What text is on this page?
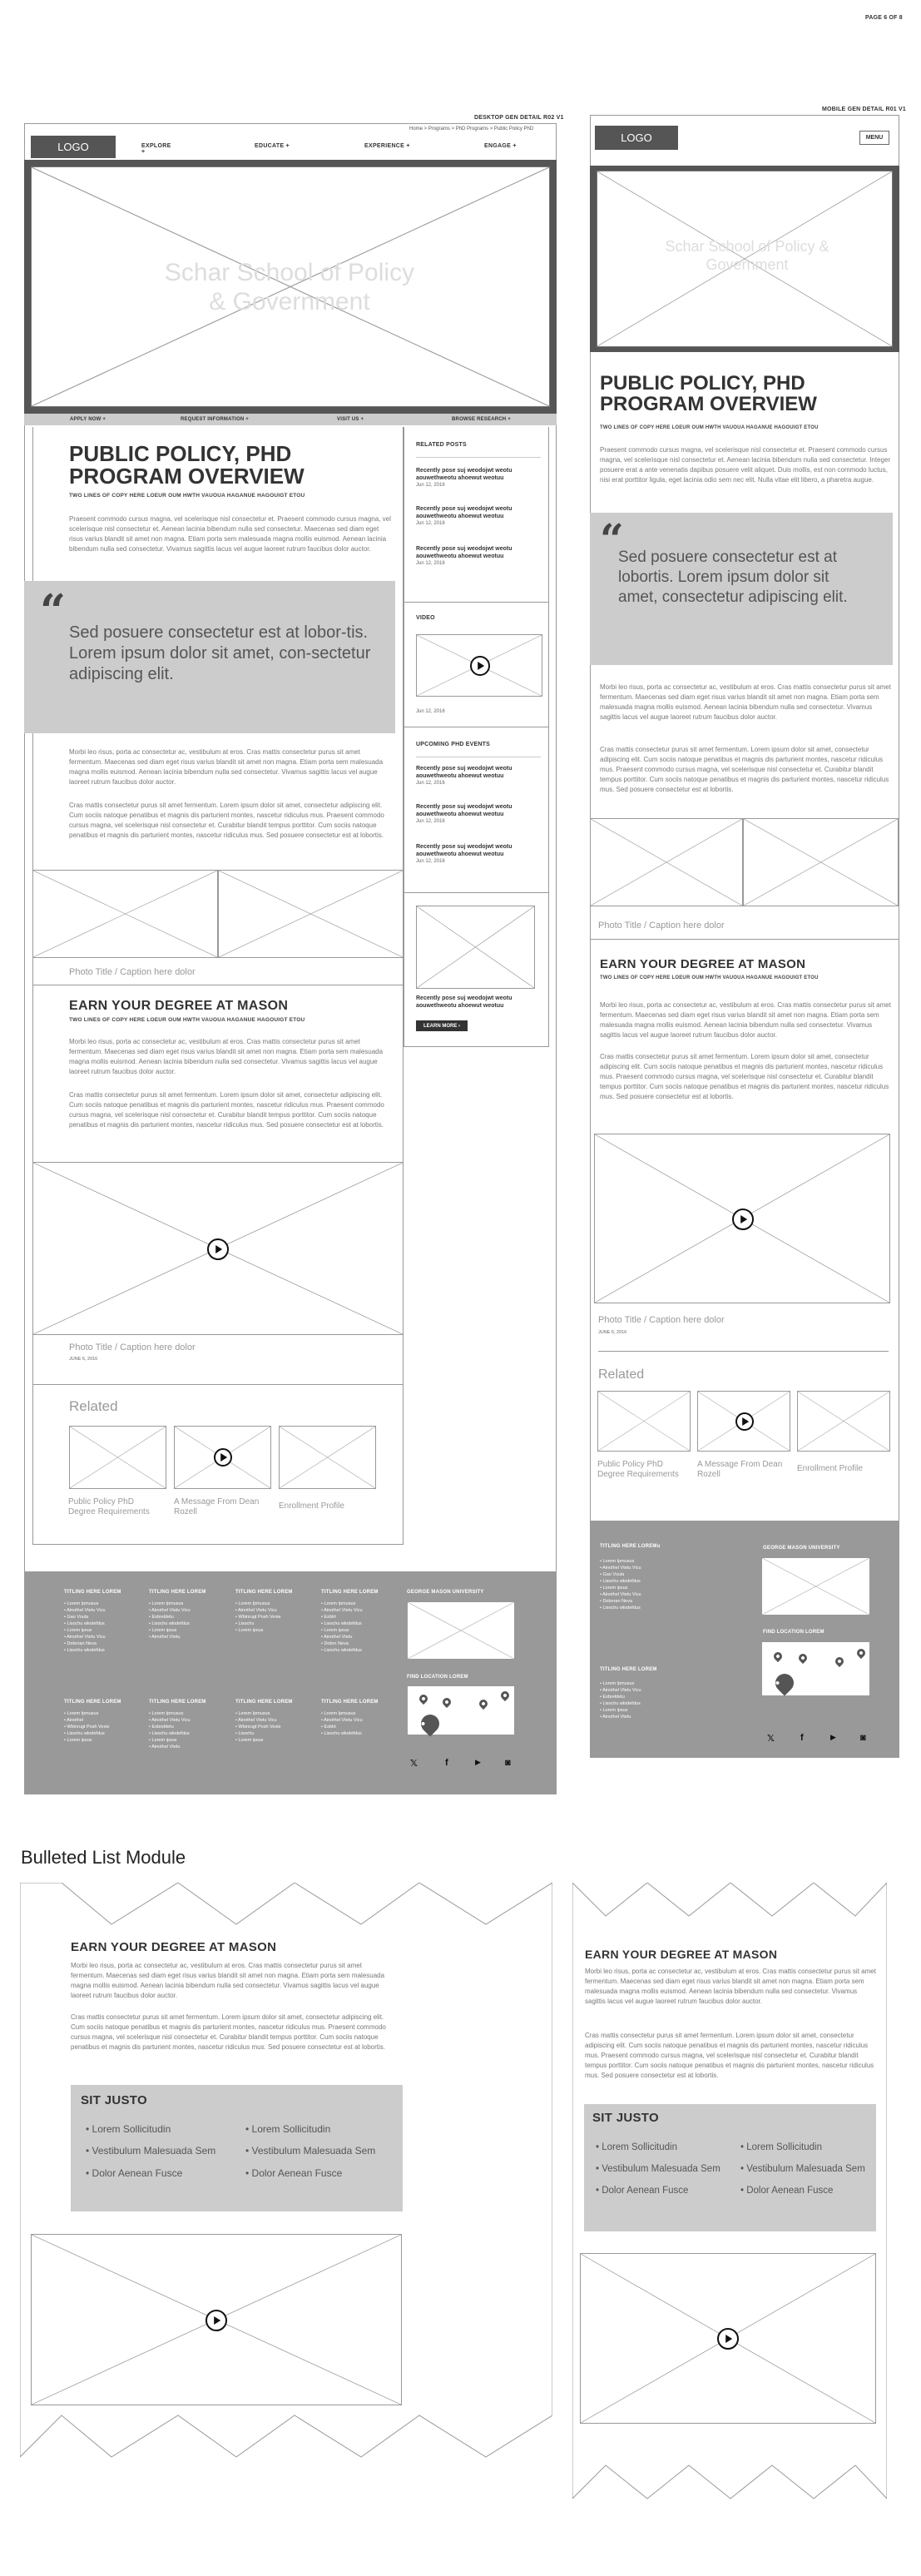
PAGE 6 OF 8
DESKTOP GEN DETAIL R02 V1
Home > Programs > PhD Programs > Public Policy PhD
LOGO	EXPLORE +
EDUCATE +	EXPERIENCE +	ENGAGE +
Schar School of Policy & Government
APPLY NOW +	REQUEST INFORMATION +	VISIT US +	BROWSE RESEARCH +
PUBLIC POLICY, PHD PROGRAM OVERVIEW
TWO LINES OF COPY HERE LOEUR OUM HWTH VAUOUA HAGANUE HAGOUIGT ETOU
Praesent commodo cursus magna, vel scelerisque nisl consectetur et. Praesent commodo cursus magna, vel scelerisque nisl consectetur et. Aenean lacinia bibendum nulla sed consectetur. Maecenas sed diam eget risus varius blandit sit amet non magna. Etiam porta sem malesuada magna mollis euismod. Aenean lacinia bibendum nulla sed consectetur. Vivamus sagittis lacus vel augue laoreet rutrum faucibus dolor auctor.
“ Sed posuere consectetur est at lobor-tis. Lorem ipsum dolor sit amet, con-sectetur adipiscing elit.
Morbi leo risus, porta ac consectetur ac, vestibulum at eros. Cras mattis consectetur purus sit amet fermentum. Maecenas sed diam eget risus varius blandit sit amet non magna. Etiam porta sem malesuada magna mollis euismod. Aenean lacinia bibendum nulla sed consectetur. Vivamus sagittis lacus vel augue laoreet rutrum faucibus dolor auctor.
Cras mattis consectetur purus sit amet fermentum. Lorem ipsum dolor sit amet, consectetur adipiscing elit. Cum sociis natoque penatibus et magnis dis parturient montes, nascetur ridiculus mus. Praesent commodo cursus magna, vel scelerisque nisl consectetur et. Curabitur blandit tempus porttitor. Cum sociis natoque penatibus et magnis dis parturient montes, nascetur ridiculus mus. Sed posuere consectetur est at lobortis.
Photo Title / Caption here dolor
EARN YOUR DEGREE AT MASON
TWO LINES OF COPY HERE LOEUR OUM HWTH VAUOUA HAGANUE HAGOUIGT ETOU
Morbi leo risus, porta ac consectetur ac, vestibulum at eros. Cras mattis consectetur purus sit amet fermentum. Maecenas sed diam eget risus varius blandit sit amet non magna. Etiam porta sem malesuada magna mollis euismod. Aenean lacinia bibendum nulla sed consectetur. Vivamus sagittis lacus vel augue laoreet rutrum faucibus dolor auctor.
Cras mattis consectetur purus sit amet fermentum. Lorem ipsum dolor sit amet, consectetur adipiscing elit. Cum sociis natoque penatibus et magnis dis parturient montes, nascetur ridiculus mus. Praesent commodo cursus magna, vel scelerisque nisl consectetur et. Curabitur blandit tempus porttitor. Cum sociis natoque penatibus et magnis dis parturient montes, nascetur ridiculus mus. Sed posuere consectetur est at lobortis.
Photo Title / Caption here dolor
JUNE 6, 2016
Related
Public Policy PhD Degree Requirements
A Message From Dean Rozell
Enrollment Profile
RELATED POSTS
Recently pose suj weodojwt weotu aouwethweotu ahoewut weotuu
Jun 12, 2016
Recently pose suj weodojwt weotu aouwethweotu ahoewut weotuu
Jun 12, 2016
Recently pose suj weodojwt weotu aouwethweotu ahoewut weotuu
Jun 12, 2016
VIDEO
Jun 12, 2016
UPCOMING PHD EVENTS
Recently pose suj weodojwt weotu aouwethweotu ahoewut weotuu
Jun 12, 2016
Recently pose suj weodojwt weotu aouwethweotu ahoewut weotuu
Jun 12, 2016
Recently pose suj weodojwt weotu aouwethweotu ahoewut weotuu
Jun 12, 2016
Recently pose suj weodojwt weotu aouwethweotu ahoewut weotuu
LEARN MORE ›
TITLING HERE LOREM
• Lorem Ipmusus
• Ainothel Vtetu Vicu
• Gao Voula
• Lisochu wlodefdus
• Lorem ipsus
• Ainothel Vtetu Vicu
• Doboran Neva
• Lisochu wlodefdus
TITLING HERE LOREM
• Lorem Ipmusus
• Ainothel Vtetu Vicu
• Exbreldetu
• Lisochu wlodefdus
• Lorem ipsus
• Ainothel Vtetu
TITLING HERE LOREM
• Lorem Ipmusus
• Ainothel Vtetu Vicu
• Wbinrugt Posh Vexie
• Lisochu
• Lorem ipsus
TITLING HERE LOREM
• Lorem Ipmusus
• Ainothel Vtetu Vicu
• Exbtrt
• Lisochu wlodefdus
• Lorem ipsus
• Ainothel Vtetu
• Dobrn Neva
• Lisochu wlodefdus
TITLING HERE LOREM
• Lorem Ipmusus
• Ainothel
• Wbinrugt Posh Vexie
• Lisochu wlodefdus
• Lorem ipsus
TITLING HERE LOREM
• Lorem Ipmusus
• Ainothel Vtetu Vicu
• Exbreldetu
• Lisochu wlodefdus
• Lorem ipsus
• Ainothel Vtetu
TITLING HERE LOREM
• Lorem Ipmusus
• Ainothel Vtetu Vicu
• Wbinrugt Posh Vexie
• Lisochu
• Lorem ipsus
TITLING HERE LOREM
• Lorem Ipmusus
• Ainothel Vtetu Vicu
• Exbtrt
• Lisochu wlodefdus
GEORGE MASON UNIVERSITY
FIND LOCATION LOREM
𝕏	f	▶	◙
MOBILE GEN DETAIL R01 V1
LOGO	MENU
Schar School of Policy & Government
PUBLIC POLICY, PHD PROGRAM OVERVIEW
TWO LINES OF COPY HERE LOEUR OUM HWTH VAUOUA HAGANUE HAGOUIGT ETOU
Praesent commodo cursus magna, vel scelerisque nisl consectetur et. Praesent commodo cursus magna, vel scelerisque nisl consectetur et. Aenean lacinia bibendum nulla sed consectetur. Integer posuere erat a ante venenatis dapibus posuere velit aliquet. Duis mollis, est non commodo luctus, nisi erat porttitor ligula, eget lacinia odio sem nec elit. Nulla vitae elit libero, a pharetra augue.
“
Sed posuere consectetur est at lobortis. Lorem ipsum dolor sit amet, consectetur adipiscing elit.
Morbi leo risus, porta ac consectetur ac, vestibulum at eros. Cras mattis consectetur purus sit amet fermentum. Maecenas sed diam eget risus varius blandit sit amet non magna. Etiam porta sem malesuada magna mollis euismod. Aenean lacinia bibendum nulla sed consectetur. Vivamus sagittis lacus vel augue laoreet rutrum faucibus dolor auctor.
Cras mattis consectetur purus sit amet fermentum. Lorem ipsum dolor sit amet, consectetur adipiscing elit. Cum sociis natoque penatibus et magnis dis parturient montes, nascetur ridiculus mus. Praesent commodo cursus magna, vel scelerisque nisl consectetur et. Curabitur blandit tempus porttitor. Cum sociis natoque penatibus et magnis dis parturient montes, nascetur ridiculus mus. Sed posuere consectetur est at lobortis.
Photo Title / Caption here dolor
EARN YOUR DEGREE AT MASON
TWO LINES OF COPY HERE LOEUR OUM HWTH VAUOUA HAGANUE HAGOUIGT ETOU
Morbi leo risus, porta ac consectetur ac, vestibulum at eros. Cras mattis consectetur purus sit amet fermentum. Maecenas sed diam eget risus varius blandit sit amet non magna. Etiam porta sem malesuada magna mollis euismod. Aenean lacinia bibendum nulla sed consectetur. Vivamus sagittis lacus vel augue laoreet rutrum faucibus dolor auctor.
Cras mattis consectetur purus sit amet fermentum. Lorem ipsum dolor sit amet, consectetur adipiscing elit. Cum sociis natoque penatibus et magnis dis parturient montes, nascetur ridiculus mus. Praesent commodo cursus magna, vel scelerisque nisl consectetur et. Curabitur blandit tempus porttitor. Cum sociis natoque penatibus et magnis dis parturient montes, nascetur ridiculus mus. Sed posuere consectetur est at lobortis.
Photo Title / Caption here dolor
JUNE 6, 2016
Related
Public Policy PhD Degree Requirements
A Message From Dean Rozell
Enrollment Profile
TITLING HERE LOREMu
• Lorem Ipmusus
• Ainothel Vtetu Vicu
• Gao Voula
• Lisochu wlodefdus
• Lorem ipsus
• Ainothel Vtetu Vicu
• Doboran Neva
• Lisochu wlodefdus
TITLING HERE LOREM
• Lorem Ipmusus
• Ainothel Vtetu Vicu
• Exbreldetu
• Lisochu wlodefdus
• Lorem ipsus
• Ainothel Vtetu
GEORGE MASON UNIVERSITY
FIND LOCATION LOREM
𝕏	f	▶	◙
Bulleted List Module
EARN YOUR DEGREE AT MASON
Morbi leo risus, porta ac consectetur ac, vestibulum at eros. Cras mattis consectetur purus sit amet fermentum. Maecenas sed diam eget risus varius blandit sit amet non magna. Etiam porta sem malesuada magna mollis euismod. Aenean lacinia bibendum nulla sed consectetur. Vivamus sagittis lacus vel augue laoreet rutrum faucibus dolor auctor.
Cras mattis consectetur purus sit amet fermentum. Lorem ipsum dolor sit amet, consectetur adipiscing elit. Cum sociis natoque penatibus et magnis dis parturient montes, nascetur ridiculus mus. Praesent commodo cursus magna, vel scelerisque nisl consectetur et. Curabitur blandit tempus porttitor. Cum sociis natoque penatibus et magnis dis parturient montes, nascetur ridiculus mus. Sed posuere consectetur est at lobortis.
SIT JUSTO
• Lorem Sollicitudin
• Vestibulum Malesuada Sem
• Dolor Aenean Fusce
• Lorem Sollicitudin
• Vestibulum Malesuada Sem
• Dolor Aenean Fusce
EARN YOUR DEGREE AT MASON
Morbi leo risus, porta ac consectetur ac, vestibulum at eros. Cras mattis consectetur purus sit amet fermentum. Maecenas sed diam eget risus varius blandit sit amet non magna. Etiam porta sem malesuada magna mollis euismod. Aenean lacinia bibendum nulla sed consectetur. Vivamus sagittis lacus vel augue laoreet rutrum faucibus dolor auctor.
Cras mattis consectetur purus sit amet fermentum. Lorem ipsum dolor sit amet, consectetur adipiscing elit. Cum sociis natoque penatibus et magnis dis parturient montes, nascetur ridiculus mus. Praesent commodo cursus magna, vel scelerisque nisl consectetur et. Curabitur blandit tempus porttitor. Cum sociis natoque penatibus et magnis dis parturient montes, nascetur ridiculus mus. Sed posuere consectetur est at lobortis.
SIT JUSTO
• Lorem Sollicitudin
• Vestibulum Malesuada Sem
• Dolor Aenean Fusce
• Lorem Sollicitudin
• Vestibulum Malesuada Sem
• Dolor Aenean Fusce
